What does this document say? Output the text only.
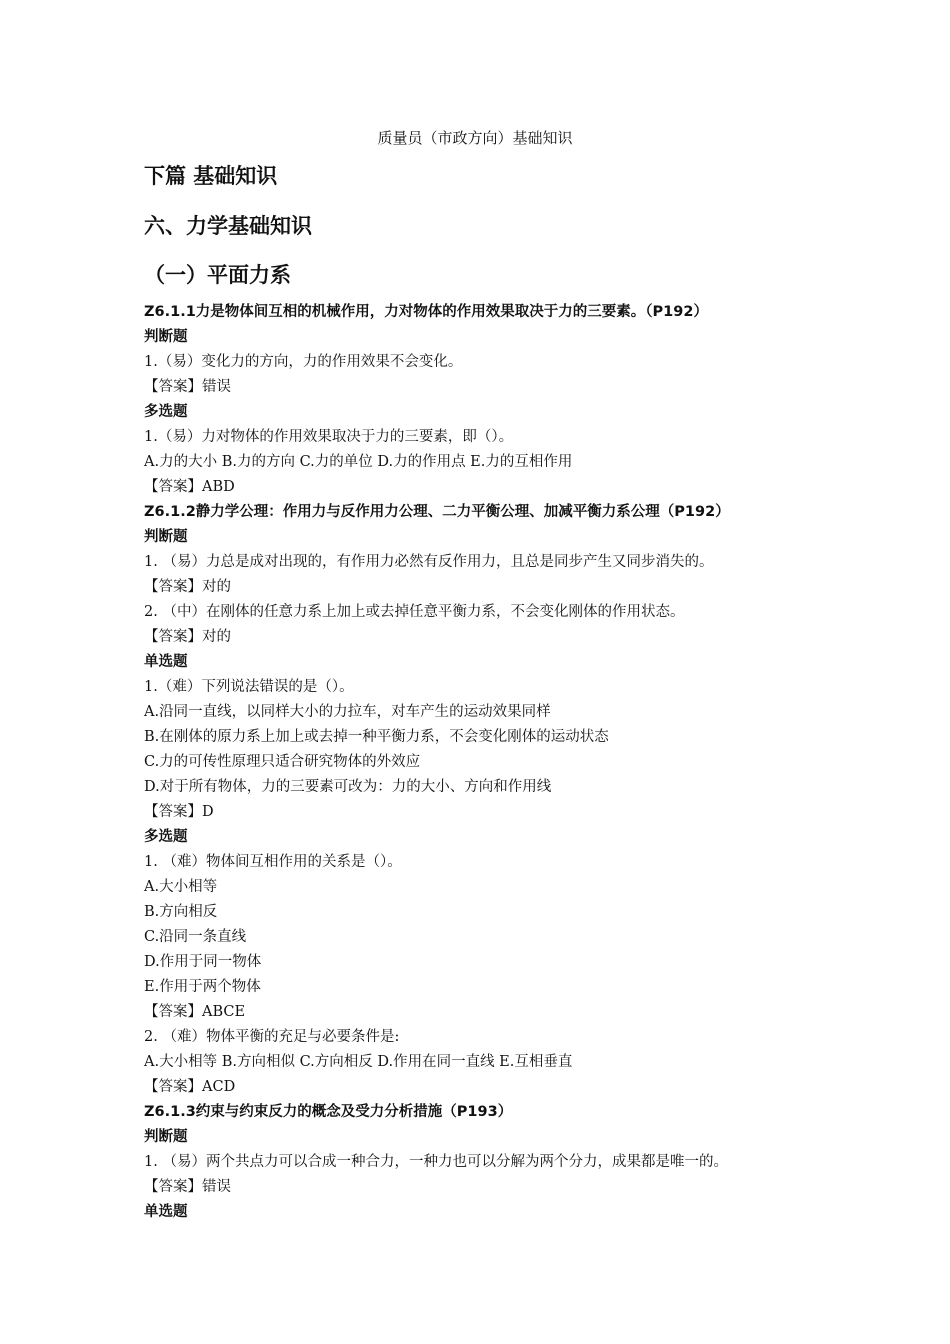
质量员（市政方向）基础知识
下篇 基础知识
六、力学基础知识
（一）平面力系
Z6.1.1力是物体间互相的机械作用，力对物体的作用效果取决于力的三要素。（P192）
判断题
1.（易）变化力的方向，力的作用效果不会变化。
【答案】错误
多选题
1.（易）力对物体的作用效果取决于力的三要素，即（）。
A.力的大小 B.力的方向 C.力的单位 D.力的作用点 E.力的互相作用
【答案】ABD
Z6.1.2静力学公理：作用力与反作用力公理、二力平衡公理、加减平衡力系公理（P192）
判断题
1. （易）力总是成对出现的，有作用力必然有反作用力，且总是同步产生又同步消失的。
【答案】对的
2. （中）在刚体的任意力系上加上或去掉任意平衡力系，不会变化刚体的作用状态。
【答案】对的
单选题
1.（难）下列说法错误的是（）。
A.沿同一直线，以同样大小的力拉车，对车产生的运动效果同样
B.在刚体的原力系上加上或去掉一种平衡力系，不会变化刚体的运动状态
C.力的可传性原理只适合研究物体的外效应
D.对于所有物体，力的三要素可改为：力的大小、方向和作用线
【答案】D
多选题
1. （难）物体间互相作用的关系是（）。
A.大小相等
B.方向相反
C.沿同一条直线
D.作用于同一物体
E.作用于两个物体
【答案】ABCE
2. （难）物体平衡的充足与必要条件是:
A.大小相等 B.方向相似 C.方向相反 D.作用在同一直线 E.互相垂直
【答案】ACD
Z6.1.3约束与约束反力的概念及受力分析措施（P193）
判断题
1. （易）两个共点力可以合成一种合力，一种力也可以分解为两个分力，成果都是唯一的。
【答案】错误
单选题
